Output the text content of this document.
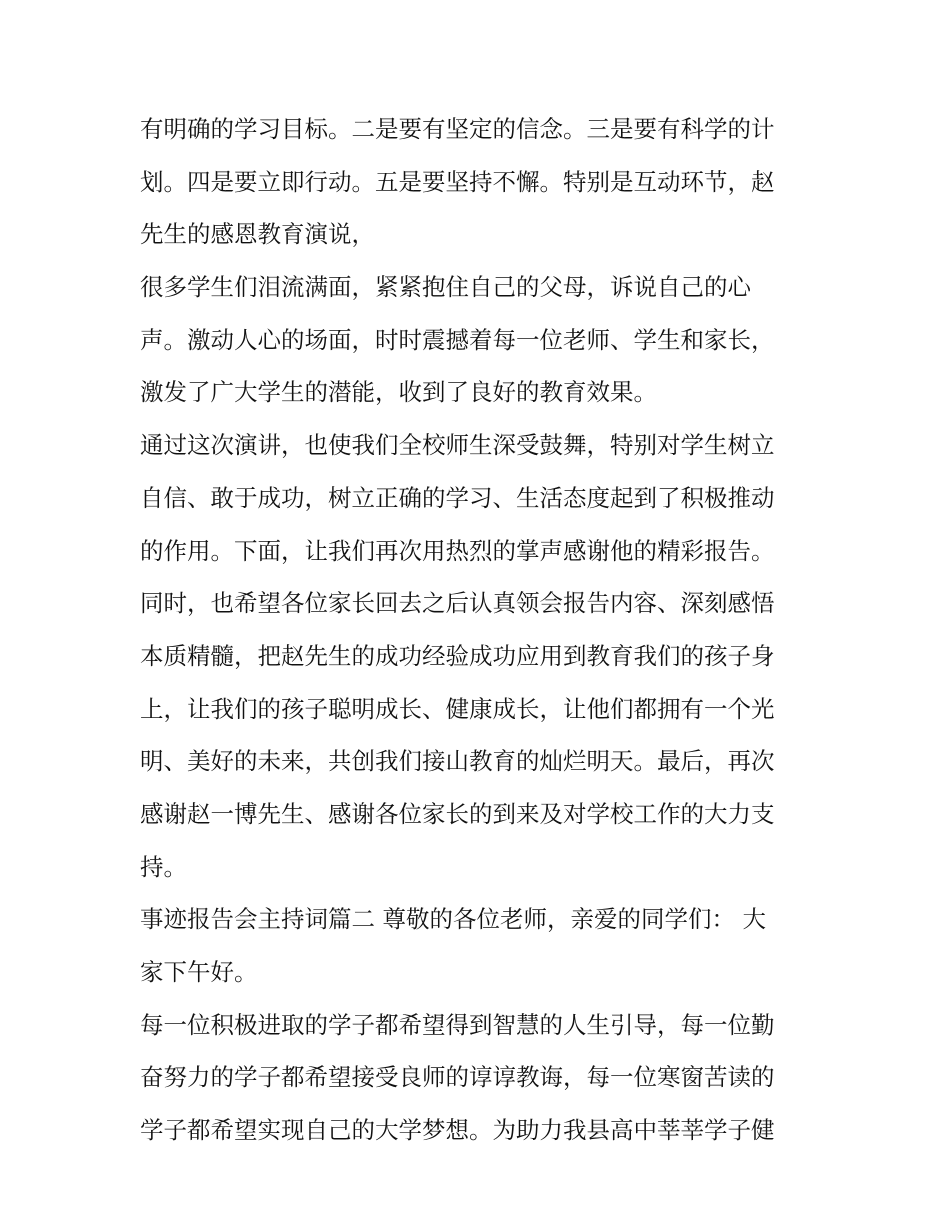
有明确的学习目标。二是要有坚定的信念。三是要有科学的计
划。四是要立即行动。五是要坚持不懈。特别是互动环节，赵
先生的感恩教育演说，
很多学生们泪流满面，紧紧抱住自己的父母，诉说自己的心
声。激动人心的场面，时时震撼着每一位老师、学生和家长，
激发了广大学生的潜能，收到了良好的教育效果。
通过这次演讲，也使我们全校师生深受鼓舞，特别对学生树立
自信、敢于成功，树立正确的学习、生活态度起到了积极推动
的作用。下面，让我们再次用热烈的掌声感谢他的精彩报告。
同时，也希望各位家长回去之后认真领会报告内容、深刻感悟
本质精髓，把赵先生的成功经验成功应用到教育我们的孩子身
上，让我们的孩子聪明成长、健康成长，让他们都拥有一个光
明、美好的未来，共创我们接山教育的灿烂明天。最后，再次
感谢赵一博先生、感谢各位家长的到来及对学校工作的大力支
持。
事迹报告会主持词篇二 尊敬的各位老师，亲爱的同学们： 大
家下午好。
每一位积极进取的学子都希望得到智慧的人生引导，每一位勤
奋努力的学子都希望接受良师的谆谆教诲，每一位寒窗苦读的
学子都希望实现自己的大学梦想。为助力我县高中莘莘学子健
